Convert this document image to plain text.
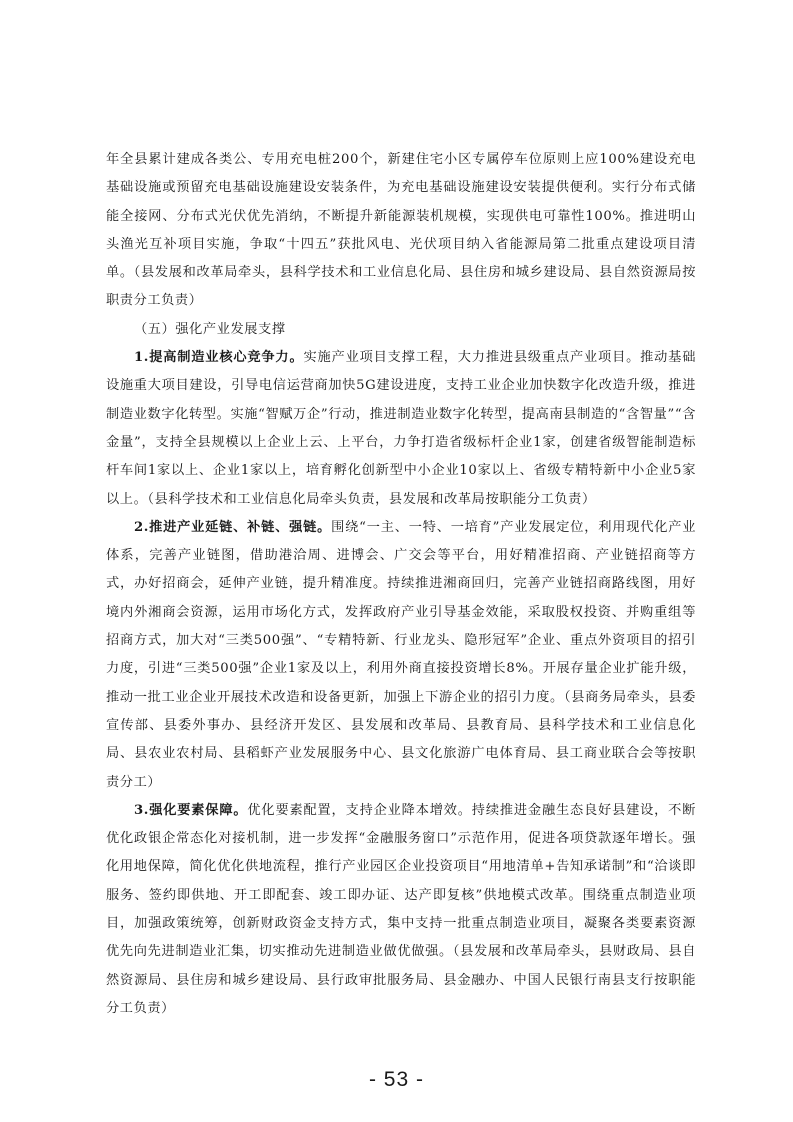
年全县累计建成各类公、专用充电桩200个，新建住宅小区专属停车位原则上应100%建设充电基础设施或预留充电基础设施建设安装条件，为充电基础设施建设安装提供便利。实行分布式储能全接网、分布式光伏优先消纳，不断提升新能源装机规模，实现供电可靠性100%。推进明山头渔光互补项目实施，争取“十四五”获批风电、光伏项目纳入省能源局第二批重点建设项目清单。（县发展和改革局牵头，县科学技术和工业信息化局、县住房和城乡建设局、县自然资源局按职责分工负责）

（五）强化产业发展支撑

1.提高制造业核心竞争力。实施产业项目支撑工程，大力推进县级重点产业项目。推动基础设施重大项目建设，引导电信运营商加快5G建设进度，支持工业企业加快数字化改造升级，推进制造业数字化转型。实施“智赋万企”行动，推进制造业数字化转型，提高南县制造的“含智量”“含金量”，支持全县规模以上企业上云、上平台，力争打造省级标杆企业1家，创建省级智能制造标杆车间1家以上、企业1家以上，培育孵化创新型中小企业10家以上、省级专精特新中小企业5家以上。（县科学技术和工业信息化局牵头负责，县发展和改革局按职能分工负责）

2.推进产业延链、补链、强链。围绕“一主、一特、一培育”产业发展定位，利用现代化产业体系，完善产业链图，借助港洽周、进博会、广交会等平台，用好精准招商、产业链招商等方式，办好招商会，延伸产业链，提升精准度。持续推进湘商回归，完善产业链招商路线图，用好境内外湘商会资源，运用市场化方式，发挥政府产业引导基金效能，采取股权投资、并购重组等招商方式，加大对“三类500强”、“专精特新、行业龙头、隐形冠军”企业、重点外资项目的招引力度，引进“三类500强”企业1家及以上，利用外商直接投资增长8%。开展存量企业扩能升级，推动一批工业企业开展技术改造和设备更新，加强上下游企业的招引力度。（县商务局牵头，县委宣传部、县委外事办、县经济开发区、县发展和改革局、县教育局、县科学技术和工业信息化局、县农业农村局、县稻虾产业发展服务中心、县文化旅游广电体育局、县工商业联合会等按职责分工）

3.强化要素保障。优化要素配置，支持企业降本增效。持续推进金融生态良好县建设，不断优化政银企常态化对接机制，进一步发挥“金融服务窗口”示范作用，促进各项贷款逐年增长。强化用地保障，简化优化供地流程，推行产业园区企业投资项目“用地清单+告知承诺制”和“洽谈即服务、签约即供地、开工即配套、竣工即办证、达产即复核”供地模式改革。围绕重点制造业项目，加强政策统筹，创新财政资金支持方式，集中支持一批重点制造业项目，凝聚各类要素资源优先向先进制造业汇集，切实推动先进制造业做优做强。（县发展和改革局牵头，县财政局、县自然资源局、县住房和城乡建设局、县行政审批服务局、县金融办、中国人民银行南县支行按职能分工负责）

- 53 -
